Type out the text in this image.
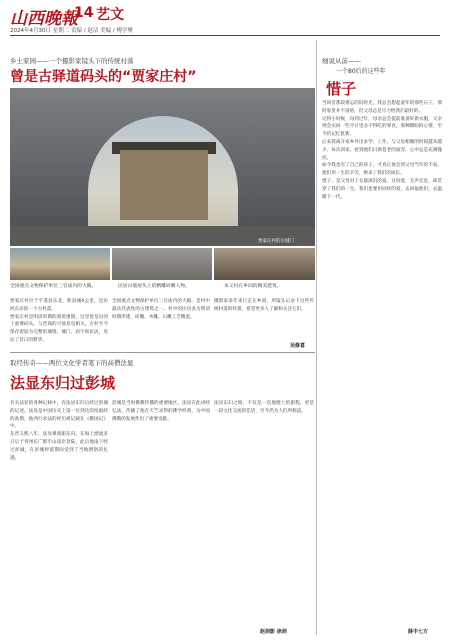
山西晚報
14 艺文
2024年4月30日 星期二 责编 / 赵洁 美编 / 傅学聚
乡土家园——一个摄影家镜头下的传统村落
曾是古驿道码头的“贾家庄村”
贾家庄村的古城门
全国重点文物保护单位三官庙内的大殿。	民居山墙屋头上的精雕砖雕人物。	本义村在乡间的精美建筑。

贾家庄村位于平遥县东北，距县城4公里，是汾河东岸的一个古村落。

贾家庄村是明清时期的商贸重镇，这里曾是汾河上重要码头，与晋商的兴衰息息相关。古村至今保存着较为完整的城墙、城门、庙宇和民居，见证了昔日的繁华。

全国重点文物保护单位三官庙内的大殿，是村中最具代表性的古建筑之一。村中的民居多为明清时期所建，砖雕、木雕、石雕工艺精湛。

摄影家多年来行走在乡间，用镜头记录下这些传统村落的样貌，希望更多人了解和关注它们。

吴修喜
取经传奇——两位文化学者笔下的高僧法显
法显东归过彭城

有关法显的各种记载中，有法显东归后经过彭城的记述。法显是中国历史上第一位到达印度取经的高僧，他西行求法的经历被记载在《佛国记》中。

东晋义熙八年，法显乘商船东归，在海上漂流多日后于青州长广郡牢山南岸登陆，此后他南下经过彭城，在彭城停留期间受到了当地僧俗的礼遇。

彭城是当时佛教传播的重要地区，法显在此讲经弘法，传播了他在天竺求得的佛学经典，为中国佛教的发展作出了重要贡献。

法显东归之路，不仅是一次地理上的旅程，更是一段文化交流的佳话，至今仍为人们所称道。

赵剑影 徐剑
细说从前——
一个80后的这些年
惜子

当回首那段难忘的旧时光，我总会想起童年的那些日子。那时家里并不富裕，但父母总是尽力给我们最好的。

记得小时候，每到过年，母亲总会提前准备好新衣服，父亲则会买回一些平日里舍不得吃的零食。那种期盼的心情，至今仍记忆犹新。

后来我离开家乡外出求学、工作，与父母相聚的时间越来越少。每次回家，看到他们日渐苍老的面容，心中总是充满愧疚。

如今我也有了自己的孩子，才真正体会到父母当年的不易。他们用一生的辛劳，换来了我们的成长。

惜子，是父母对子女最深沉的爱。这份爱，无声无息，却贯穿了我们的一生。我们也要用同样的爱，去回报他们，去温暖下一代。

薛丰七方
